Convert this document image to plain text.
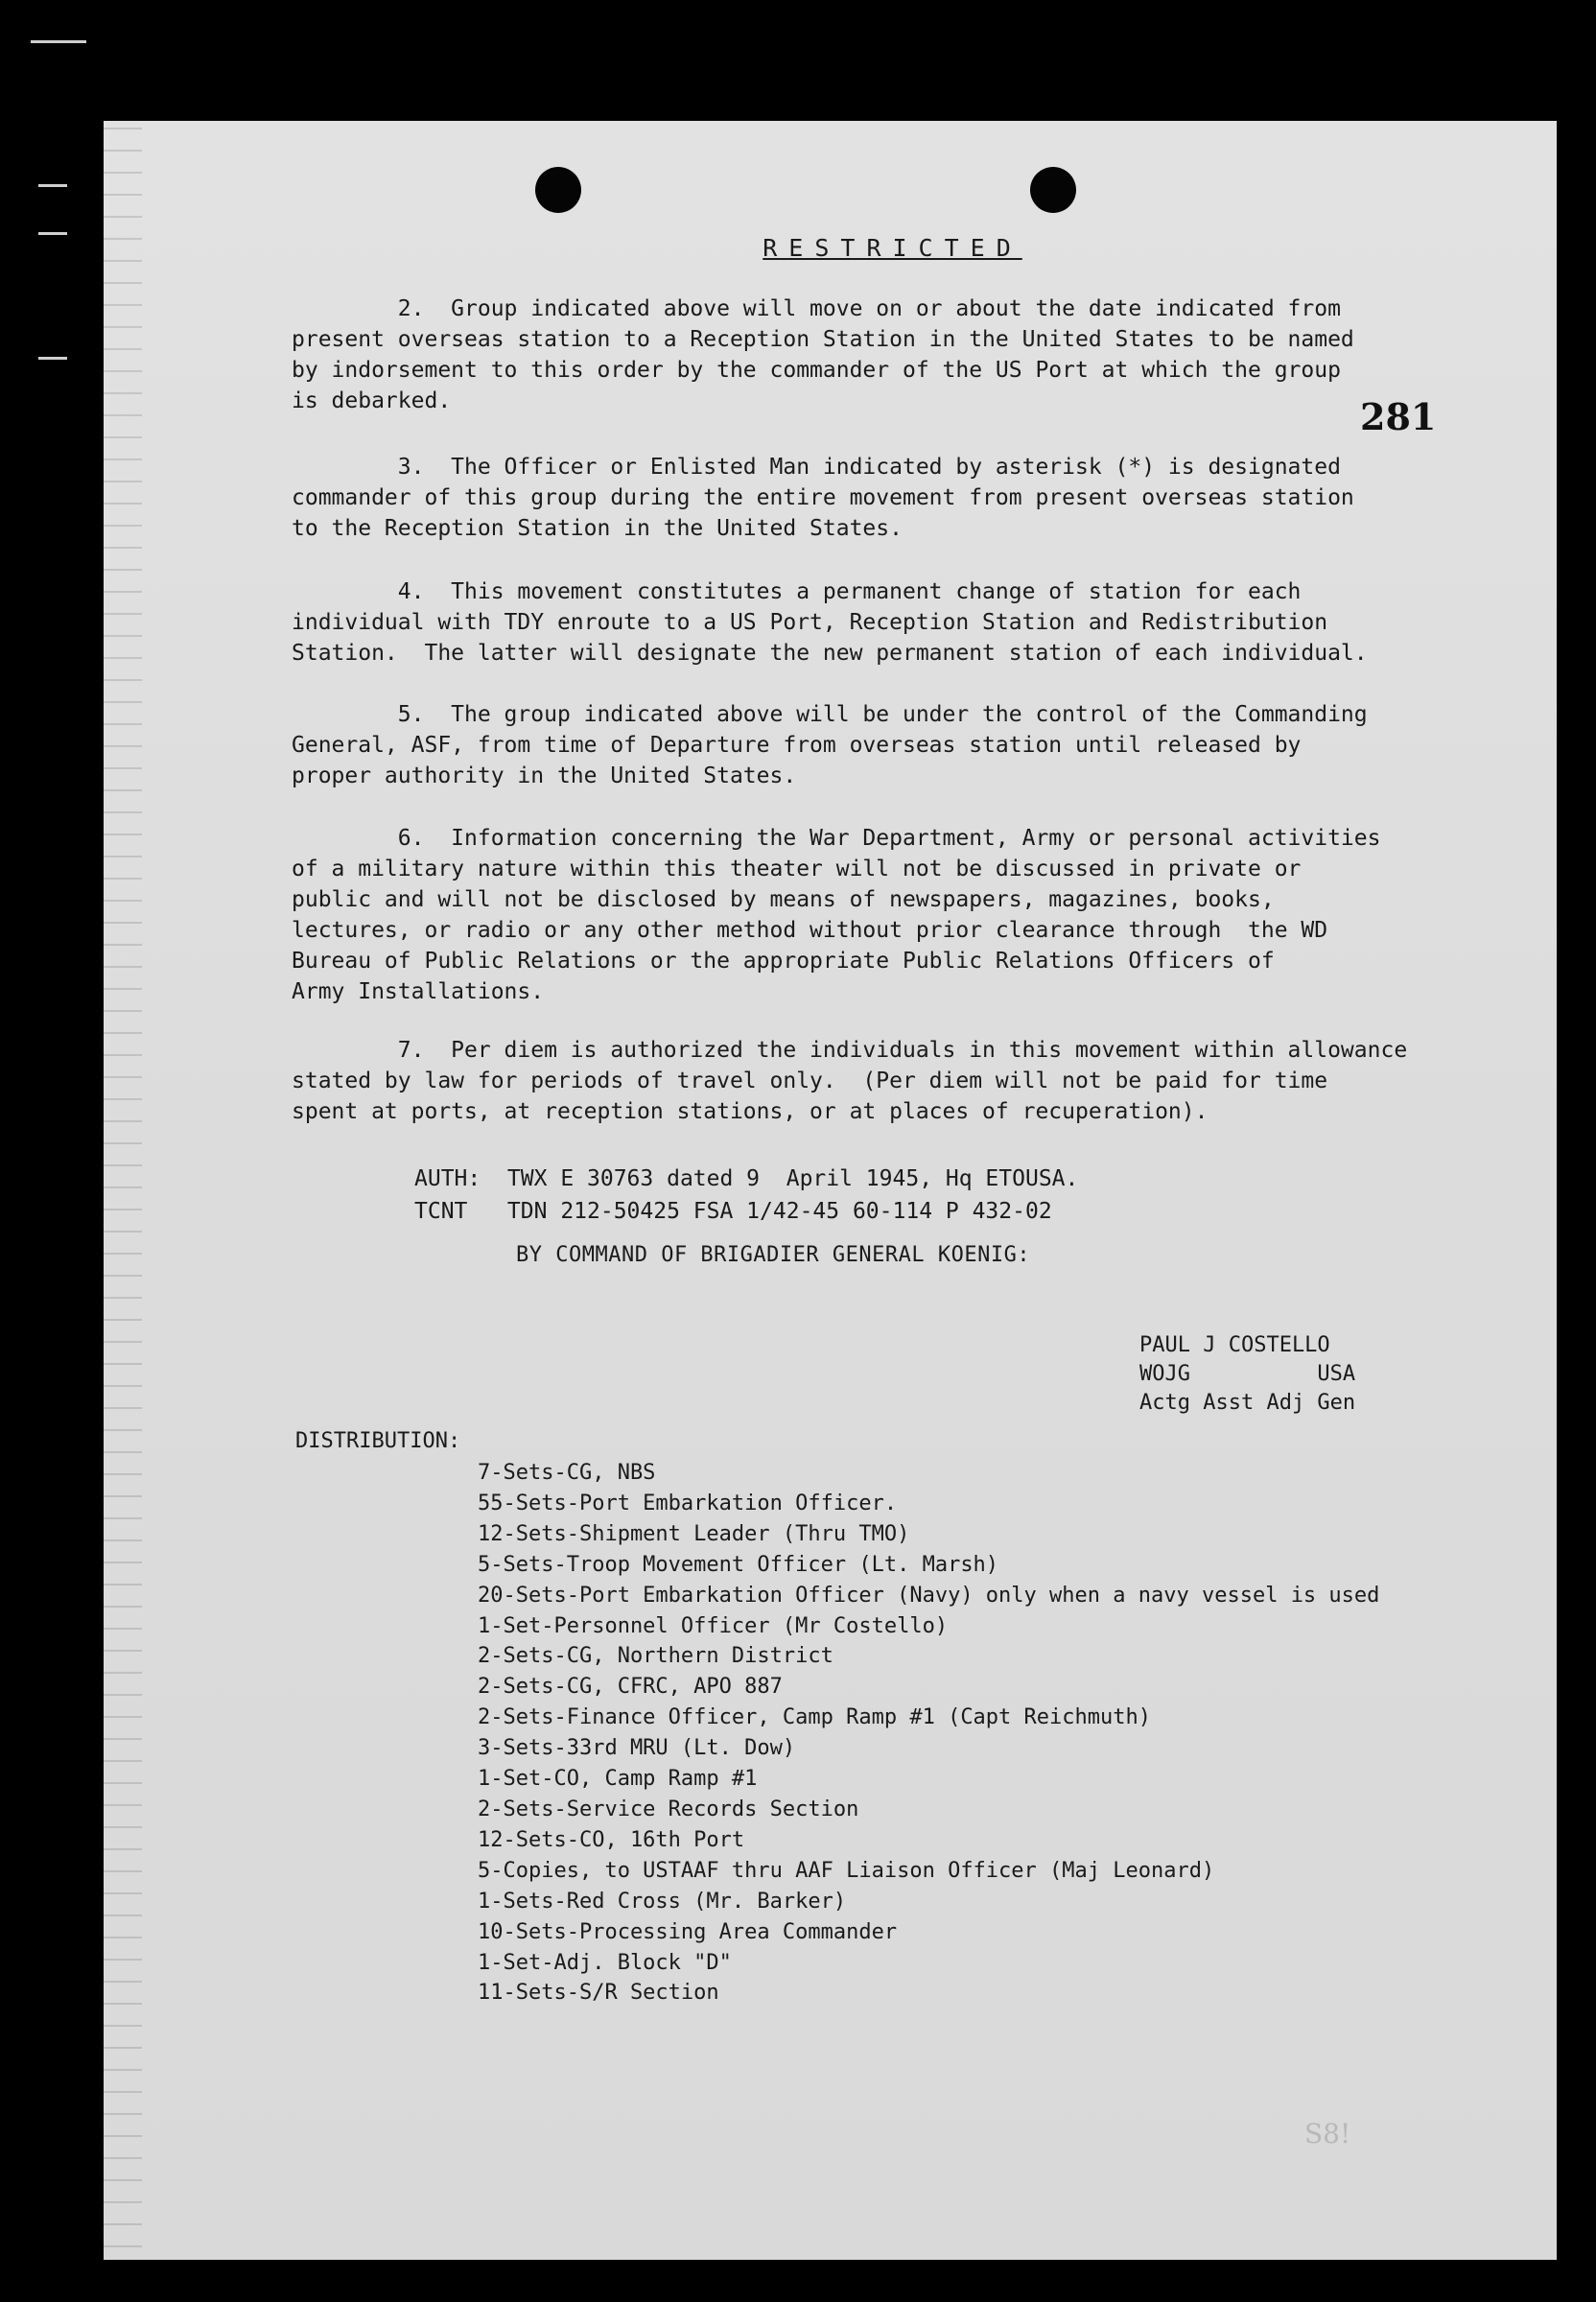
RESTRICTED
281
2.  Group indicated above will move on or about the date indicated from
present overseas station to a Reception Station in the United States to be named
by indorsement to this order by the commander of the US Port at which the group
is debarked.
3.  The Officer or Enlisted Man indicated by asterisk (*) is designated
commander of this group during the entire movement from present overseas station
to the Reception Station in the United States.
4.  This movement constitutes a permanent change of station for each
individual with TDY enroute to a US Port, Reception Station and Redistribution
Station.  The latter will designate the new permanent station of each individual.
5.  The group indicated above will be under the control of the Commanding
General, ASF, from time of Departure from overseas station until released by
proper authority in the United States.
6.  Information concerning the War Department, Army or personal activities
of a military nature within this theater will not be discussed in private or
public and will not be disclosed by means of newspapers, magazines, books,
lectures, or radio or any other method without prior clearance through  the WD
Bureau of Public Relations or the appropriate Public Relations Officers of
Army Installations.
7.  Per diem is authorized the individuals in this movement within allowance
stated by law for periods of travel only.  (Per diem will not be paid for time
spent at ports, at reception stations, or at places of recuperation).
AUTH:  TWX E 30763 dated 9  April 1945, Hq ETOUSA.
TCNT   TDN 212-50425 FSA 1/42-45 60-114 P 432-02
BY COMMAND OF BRIGADIER GENERAL KOENIG:
PAUL J COSTELLO
WOJG          USA
Actg Asst Adj Gen
DISTRIBUTION:
7-Sets-CG, NBS
55-Sets-Port Embarkation Officer.
12-Sets-Shipment Leader (Thru TMO)
5-Sets-Troop Movement Officer (Lt. Marsh)
20-Sets-Port Embarkation Officer (Navy) only when a navy vessel is used
1-Set-Personnel Officer (Mr Costello)
2-Sets-CG, Northern District
2-Sets-CG, CFRC, APO 887
2-Sets-Finance Officer, Camp Ramp #1 (Capt Reichmuth)
3-Sets-33rd MRU (Lt. Dow)
1-Set-CO, Camp Ramp #1
2-Sets-Service Records Section
12-Sets-CO, 16th Port
5-Copies, to USTAAF thru AAF Liaison Officer (Maj Leonard)
1-Sets-Red Cross (Mr. Barker)
10-Sets-Processing Area Commander
1-Set-Adj. Block "D"
11-Sets-S/R Section
S8!
